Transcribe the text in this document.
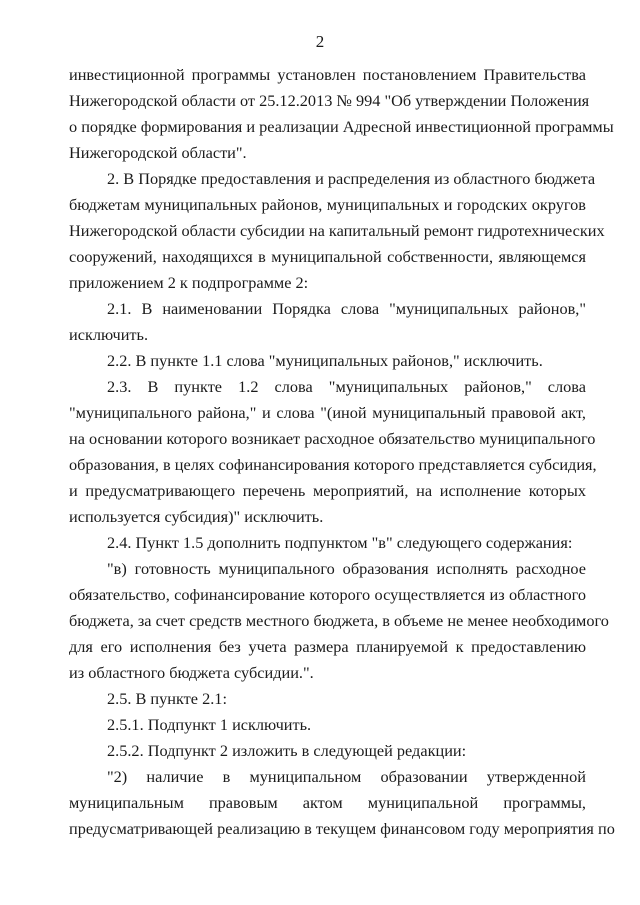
2
инвестиционной программы установлен постановлением Правительства
Нижегородской области от 25.12.2013 № 994 "Об утверждении Положения
о порядке формирования и реализации Адресной инвестиционной программы
Нижегородской области".
2. В Порядке предоставления и распределения из областного бюджета
бюджетам муниципальных районов, муниципальных и городских округов
Нижегородской области субсидии на капитальный ремонт гидротехнических
сооружений, находящихся в муниципальной собственности, являющемся
приложением 2 к подпрограмме 2:
2.1. В наименовании Порядка слова "муниципальных районов,"
исключить.
2.2. В пункте 1.1 слова "муниципальных районов," исключить.
2.3. В пункте 1.2 слова "муниципальных районов," слова
"муниципального района," и слова "(иной муниципальный правовой акт,
на основании которого возникает расходное обязательство муниципального
образования, в целях софинансирования которого представляется субсидия,
и предусматривающего перечень мероприятий, на исполнение которых
используется субсидия)" исключить.
2.4. Пункт 1.5 дополнить подпунктом "в" следующего содержания:
"в) готовность муниципального образования исполнять расходное
обязательство, софинансирование которого осуществляется из областного
бюджета, за счет средств местного бюджета, в объеме не менее необходимого
для его исполнения без учета размера планируемой к предоставлению
из областного бюджета субсидии.".
2.5. В пункте 2.1:
2.5.1. Подпункт 1 исключить.
2.5.2. Подпункт 2 изложить в следующей редакции:
"2) наличие в муниципальном образовании утвержденной
муниципальным правовым актом муниципальной программы,
предусматривающей реализацию в текущем финансовом году мероприятия по
